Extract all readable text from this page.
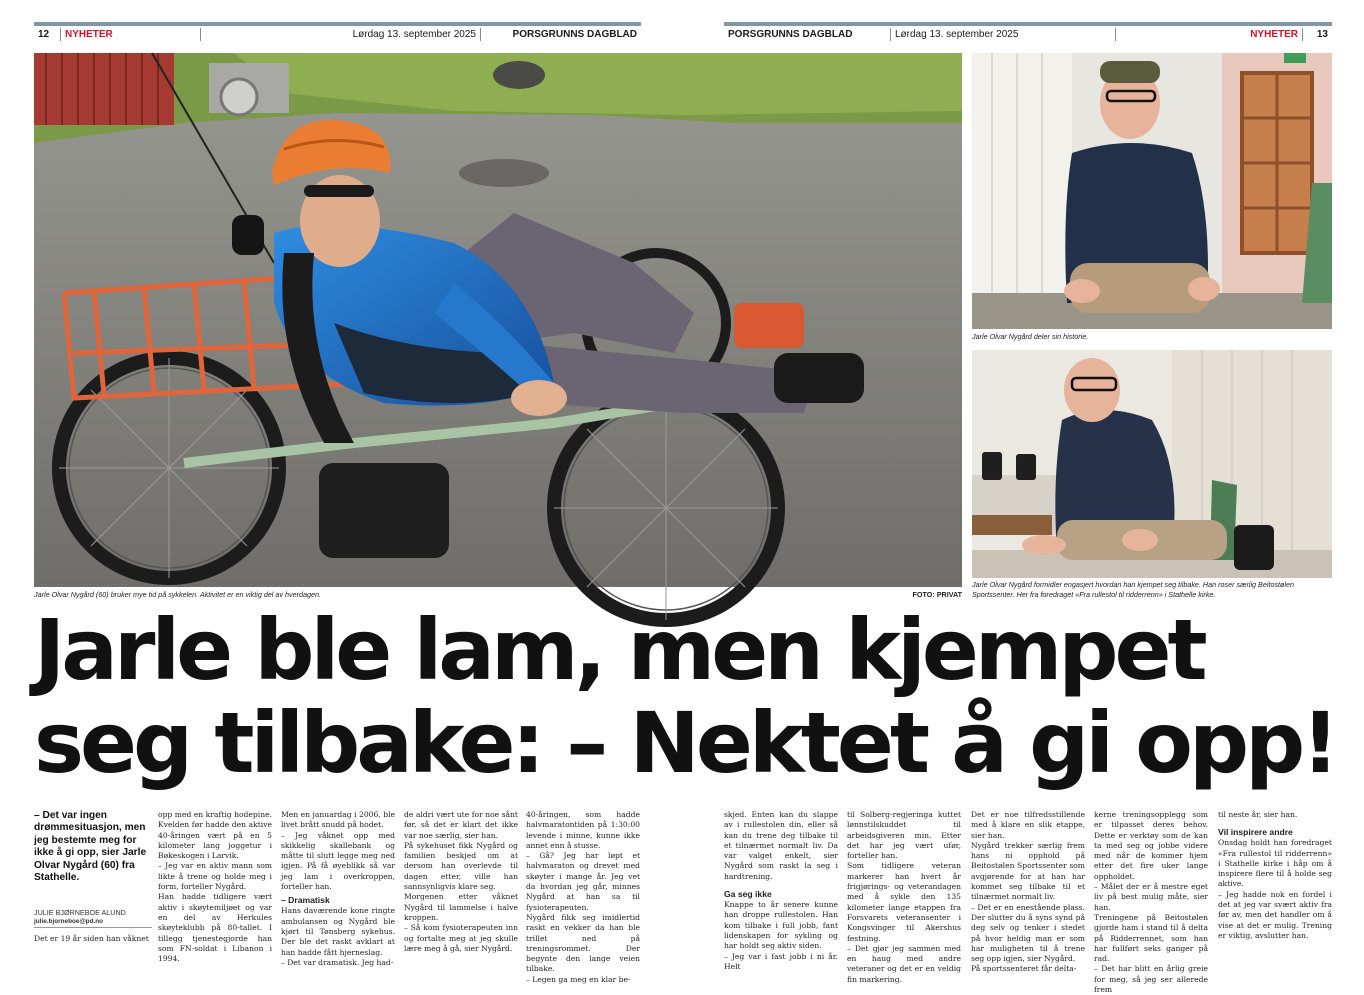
12	NYHETER	Lørdag 13. september 2025	PORSGRUNNS DAGBLAD	PORSGRUNNS DAGBLAD	Lørdag 13. september 2025	NYHETER	13
Jarle Olvar Nygård (60) bruker mye tid på sykkelen. Aktivitet er en viktig del av hverdagen.	FOTO: PRIVAT
Jarle Olvar Nygård deler sin historie.
Jarle Olvar Nygård formidler engasjert hvordan han kjempet seg tilbake. Han roser særlig Beitostølen Sportssenter. Her fra foredraget «Fra rullestol til ridderrenn» i Stathelle kirke.
Jarle ble lam, men kjempet
seg tilbake: – Nektet å gi opp!
– Det var ingen drømmesituasjon, men jeg bestemte meg for ikke å gi opp, sier Jarle Olvar Nygård (60) fra Stathelle.
JULIE BJØRNEBOE ALUND
julie.bjorneboe@pd.no
Det er 19 år siden han våknet

opp med en kraftig hodepine. Kvelden før hadde den aktive 40-åringen vært på en 5 kilometer lang joggetur i Bøkeskogen i Larvik.
– Jeg var en aktiv mann som likte å trene og holde meg i form, forteller Nygård.
Han hadde tidligere vært aktiv i skøytemiljøet og var en del av Herkules skøyteklubb på 80-tallet. I tillegg tjenestegjorde han som FN-soldat i Libanon i 1994.

Men en januardag i 2006, ble livet brått snudd på hodet.
– Jeg våknet opp med skikkelig skallebank og måtte til slutt legge meg ned igjen. På få øyeblikk så var jeg lam i overkroppen, forteller han.

– Dramatisk

Hans daværende kone ringte ambulansen og Nygård ble kjørt til Tønsberg sykehus. Der ble det raskt avklart at han hadde fått hjerneslag.
– Det var dramatisk. Jeg had-

de aldri vært ute for noe sånt før, så det er klart det ikke var noe særlig, sier han.
På sykehuset fikk Nygård og familien beskjed om at dersom han overlevde til dagen etter, ville han sannsynligvis klare seg.
Morgenen etter våknet Nygård til lammelse i halve kroppen.
– Så kom fysioterapeuten inn og fortalte meg at jeg skulle lære meg å gå, sier Nygård.

40-åringen, som hadde halvmaratontiden på 1:30:00 levende i minne, kunne ikke annet enn å stusse.
– Gå? Jeg har løpt et halvmaraton og drevet med skøyter i mange år. Jeg vet da hvordan jeg går, minnes Nygård at han sa til fysioterapeuten.
Nygård fikk seg imidlertid raskt en vekker da han ble trillet ned på treningsrommet. Der begynte den lange veien tilbake.
– Legen ga meg en klar be-

skjed. Enten kan du slappe av i rullestolen din, eller så kan du trene deg tilbake til et tilnærmet normalt liv. Da var valget enkelt, sier Nygård som raskt la seg i hardtrening.

Ga seg ikke

Knappe to år senere kunne han droppe rullestolen. Han kom tilbake i full jobb, fant lidenskapen for sykling og har holdt seg aktiv siden.
– Jeg var i fast jobb i ni år. Helt

til Solberg-regjeringa kuttet lønnstilskuddet til arbeidsgiveren min. Etter det har jeg vært ufør, forteller han.
Som tidligere veteran markerer han hvert år frigjørings- og veterandagen med å sykle den 135 kilometer lange etappen fra Forsvarets veteransenter i Kongsvinger til Akershus festning.
– Det gjør jeg sammen med en haug med andre veteraner og det er en veldig fin markering.

Det er noe tilfredsstillende med å klare en slik etappe, sier han.
Nygård trekker særlig frem hans ni opphold på Beitostølen Sportssenter som avgjørende for at han har kommet seg tilbake til et tilnærmet normalt liv.
– Det er en enestående plass. Der slutter du å syns synd på deg selv og tenker i stedet på hvor heldig man er som har muligheten til å trene seg opp igjen, sier Nygård.
På sportssenteret får delta-

kerne treningsopplegg som er tilpasset deres behov. Dette er verktøy som de kan ta med seg og jobbe videre med når de kommer hjem etter det fire uker lange oppholdet.
– Målet der er å mestre eget liv på best mulig måte, sier han.
Treningene på Beitostølen gjorde ham i stand til å delta på Ridderrennet, som han har fullført seks ganger på rad.
– Det har blitt en årlig greie for meg, så jeg ser allerede frem

til neste år, sier han.

Vil inspirere andre

Onsdag holdt han foredraget «Fra rullestol til ridderrenn» i Stathelle kirke i håp om å inspirere flere til å holde seg aktive.
– Jeg hadde nok en fordel i det at jeg var svært aktiv fra før av, men det handler om å vise at det er mulig. Trening er viktig, avslutter han.
